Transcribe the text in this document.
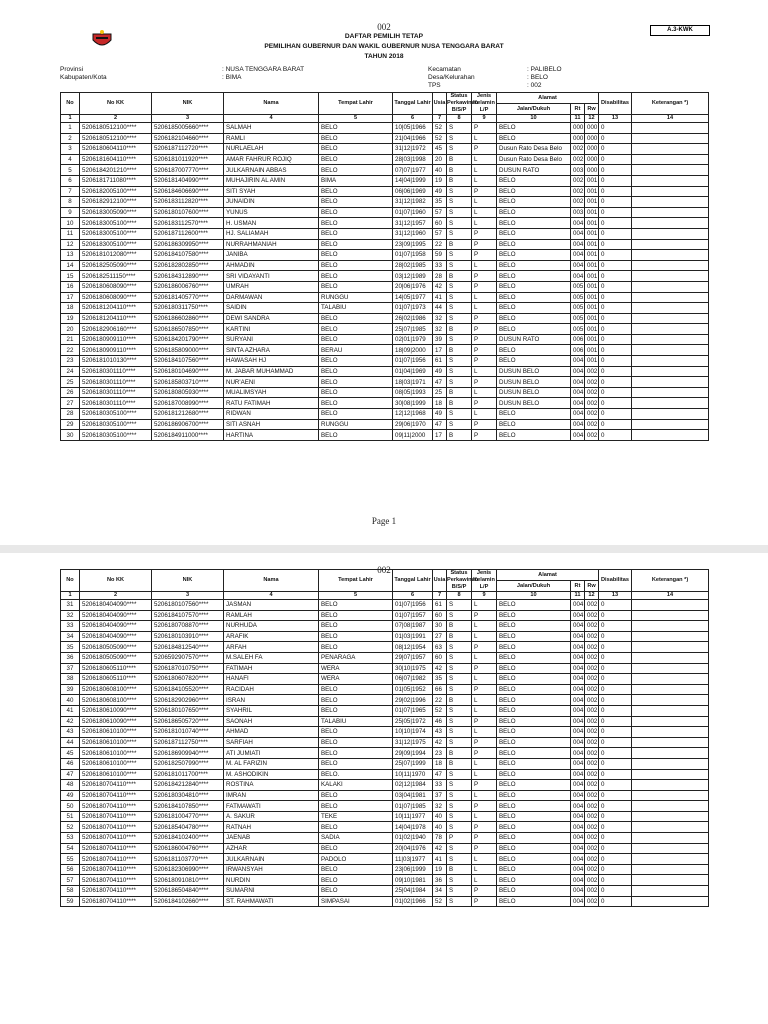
002	A.3-KWK
DAFTAR PEMILIH TETAP
PEMILIHAN GUBERNUR DAN WAKIL GUBERNUR NUSA TENGGARA BARAT
TAHUN 2018
Provinsi	: NUSA TENGGARA BARAT
Kabupaten/Kota	: BIMA
Kecamatan	: PALIBELO
Desa/Kelurahan	: BELO
TPS	: 002
No	No KK	NIK	Nama	Tempat Lahir	Tanggal Lahir	Usia	Status Perkawinan B/S/P	Jenis Kelamin L/P	Alamat			Disabilitas	Keterangan *)
									Jalan/Dukuh	Rt	Rw		
1	2	3	4	5	6	7	8	9	10	11	12	13	14
1	5206180512100****	5206185005660****	SALMAH	BELO	10|05|1966	52	S	P	BELO	000	000	0	
2	5206180512100****	5206182104660****	RAMLI	BELO	21|04|1966	52	S	L	BELO	000	000	0	
3	5206180604110****	5206187112720****	NURLAELAH	BELO	31|12|1972	45	S	P	Dusun Rato Desa Belo	002	000	0	
4	5206181604110****	5206181011920****	AMAR FAHRUR ROJIQ	BELO	28|03|1998	20	B	L	Dusun Rato Desa Belo	002	000	0	
5	5206184201210****	5206187007770****	JULKARNAIN ABBAS	BELO	07|07|1977	40	B	L	DUSUN RATO	003	000	0	
6	5206181711080****	5206181404990****	MUHAJIRIN AL AMIN	BIMA	14|04|1999	19	B	L	BELO	002	001	0	
7	5206182005100****	5206184606690****	SITI SYAH	BELO	06|06|1969	49	S	P	BELO	002	001	0	
8	5206182912100****	5206183112820****	JUNAIDIN	BELO	31|12|1982	35	S	L	BELO	002	001	0	
9	5206183005090****	5206180107600****	YUNUS	BELO	01|07|1960	57	S	L	BELO	003	001	0	
10	5206183005100****	5206183112570****	H. USMAN	BELO	31|12|1957	60	S	L	BELO	004	001	0	
11	5206183005100****	5206187112600****	HJ. SALIAMAH	BELO	31|12|1960	57	S	P	BELO	004	001	0	
12	5206183005100****	5206186309950****	NURRAHMANIAH	BELO	23|09|1995	22	B	P	BELO	004	001	0	
13	5206181012080****	5206184107580****	JANIBA	BELO	01|07|1958	59	S	P	BELO	004	001	0	
14	5206182505090****	5206182802850****	AHMADIN	BELO	28|02|1985	33	S	L	BELO	004	001	0	
15	5206182511150****	5206184312890****	SRI VIDAYANTI	BELO	03|12|1989	28	B	P	BELO	004	001	0	
16	5206180608090****	5206186006760****	UMRAH	BELO	20|06|1976	42	S	P	BELO	005	001	0	
17	5206180608090****	5206181405770****	DARMAWAN	RUNGGU	14|05|1977	41	S	L	BELO	005	001	0	
18	5206181204110****	5206180311750****	SAIDIN	TALABIU	01|07|1973	44	S	L	BELO	005	001	0	
19	5206181204110****	5206186602860****	DEWI SANDRA	BELO	26|02|1986	32	S	P	BELO	005	001	0	
20	5206182906160****	5206186507850****	KARTINI	BELO	25|07|1985	32	B	P	BELO	005	001	0	
21	5206180909110****	5206184201790****	SURYANI	BELO	02|01|1979	39	S	P	DUSUN RATO	006	001	0	
22	5206180909110****	5206185809000****	SINTA AZHARA	BERAU	18|09|2000	17	B	P	BELO	006	001	0	
23	5206181010130****	5206184107560****	HAWASAH HJ	BELO	01|07|1956	61	S	P	BELO	004	001	0	
24	5206180301110****	5206180104690****	M. JABAR MUHAMMAD	BELO	01|04|1969	49	S	L	DUSUN BELO	004	002	0	
25	5206180301110****	5206185803710****	NUR'AENI	BELO	18|03|1971	47	S	P	DUSUN BELO	004	002	0	
26	5206180301110****	5206180805930****	MUALIMSYAH	BELO	08|05|1993	25	B	L	DUSUN BELO	004	002	0	
27	5206180301110****	5206187008990****	RATU FATIMAH	BELO	30|08|1999	18	B	P	DUSUN BELO	004	002	0	
28	5206180305100****	5206181212680****	RIDWAN	BELO	12|12|1968	49	S	L	BELO	004	002	0	
29	5206180305100****	5206186906700****	SITI ASNAH	RUNGGU	29|06|1970	47	S	P	BELO	004	002	0	
30	5206180305100****	5206184911000****	HARTINA	BELO	09|11|2000	17	B	P	BELO	004	002	0	
Page 1
002
No	No KK	NIK	Nama	Tempat Lahir	Tanggal Lahir	Usia	Status Perkawinan B/S/P	Jenis Kelamin L/P	Alamat			Disabilitas	Keterangan *)
									Jalan/Dukuh	Rt	Rw		
1	2	3	4	5	6	7	8	9	10	11	12	13	14
31	5206180404090****	5206180107560****	JASMAN	BELO	01|07|1956	61	S	L	BELO	004	002	0	
32	5206180404090****	5206184107570****	RAMLAH	BELO	01|07|1957	60	S	P	BELO	004	002	0	
33	5206180404090****	5206180708870****	NURHUDA	BELO	07|08|1987	30	B	L	BELO	004	002	0	
34	5206180404090****	5206180103910****	ARAFIK	BELO	01|03|1991	27	B	L	BELO	004	002	0	
35	5206180505090****	5206184812540****	ARFAH	BELO	08|12|1954	63	S	P	BELO	004	002	0	
36	5206180505090****	5206592907570****	M.SALEH FA	PENARAGA	29|07|1957	60	S	L	BELO	004	002	0	
37	5206180605110****	5206187010750****	FATIMAH	WERA	30|10|1975	42	S	P	BELO	004	002	0	
38	5206180605110****	5206180607820****	HANAFI	WERA	06|07|1982	35	S	L	BELO	004	002	0	
39	5206180608100****	5206184105520****	RACIDAH	BELO	01|05|1952	66	S	P	BELO	004	002	0	
40	5206180608100****	5206182902960****	ISRAN	BELO	29|02|1996	22	B	L	BELO	004	002	0	
41	5206180610090****	5206180107650****	SYAHRIL	BELO	01|07|1965	52	S	L	BELO	004	002	0	
42	5206180610090****	5206186505720****	SAONAH	TALABIU	25|05|1972	46	S	P	BELO	004	002	0	
43	5206180610100****	5206181010740****	AHMAD	BELO	10|10|1974	43	S	L	BELO	004	002	0	
44	5206180610100****	5206187112750****	SARFIAH	BELO	31|12|1975	42	S	P	BELO	004	002	0	
45	5206180610100****	5206186909940****	ATI JUMIATI	BELO	29|09|1994	23	B	P	BELO	004	002	0	
46	5206180610100****	5206182507990****	M. AL FARIZIN	BELO	25|07|1999	18	B	L	BELO	004	002	0	
47	5206180610100****	5206181011700****	M. ASHODIKIN	BELO.	10|11|1970	47	S	L	BELO	004	002	0	
48	5206180704110****	5206184212840****	ROSTINA	KALAKI	02|12|1984	33	S	P	BELO	004	002	0	
49	5206180704110****	5206180304810****	IMRAN	BELO	03|04|1981	37	S	L	BELO	004	002	0	
50	5206180704110****	5206184107850****	FATMAWATI	BELO	01|07|1985	32	S	P	BELO	004	002	0	
51	5206180704110****	5206181004770****	A. SAKUR	TEKE	10|11|1977	40	S	L	BELO	004	002	0	
52	5206180704110****	5206185404780****	RATNAH	BELO	14|04|1978	40	S	P	BELO	004	002	0	
53	5206180704110****	5206184102400****	JAENAB	SADIA	01|02|1940	78	P	P	BELO	004	002	0	
54	5206180704110****	5206186004760****	AZHAR	BELO	20|04|1976	42	S	P	BELO	004	002	0	
55	5206180704110****	5206181103770****	JULKARNAIN	PADOLO	11|03|1977	41	S	L	BELO	004	002	0	
56	5206180704110****	5206182306990****	IRWANSYAH	BELO	23|06|1999	19	B	L	BELO	004	002	0	
57	5206180704110****	5206180910810****	NURDIN	BELO	09|10|1981	36	S	L	BELO	004	002	0	
58	5206180704110****	5206186504840****	SUMARNI	BELO	25|04|1984	34	S	P	BELO	004	002	0	
59	5206180704110****	5206184102660****	ST. RAHMAWATI	SIMPASAI	01|02|1966	52	S	P	BELO	004	002	0	
